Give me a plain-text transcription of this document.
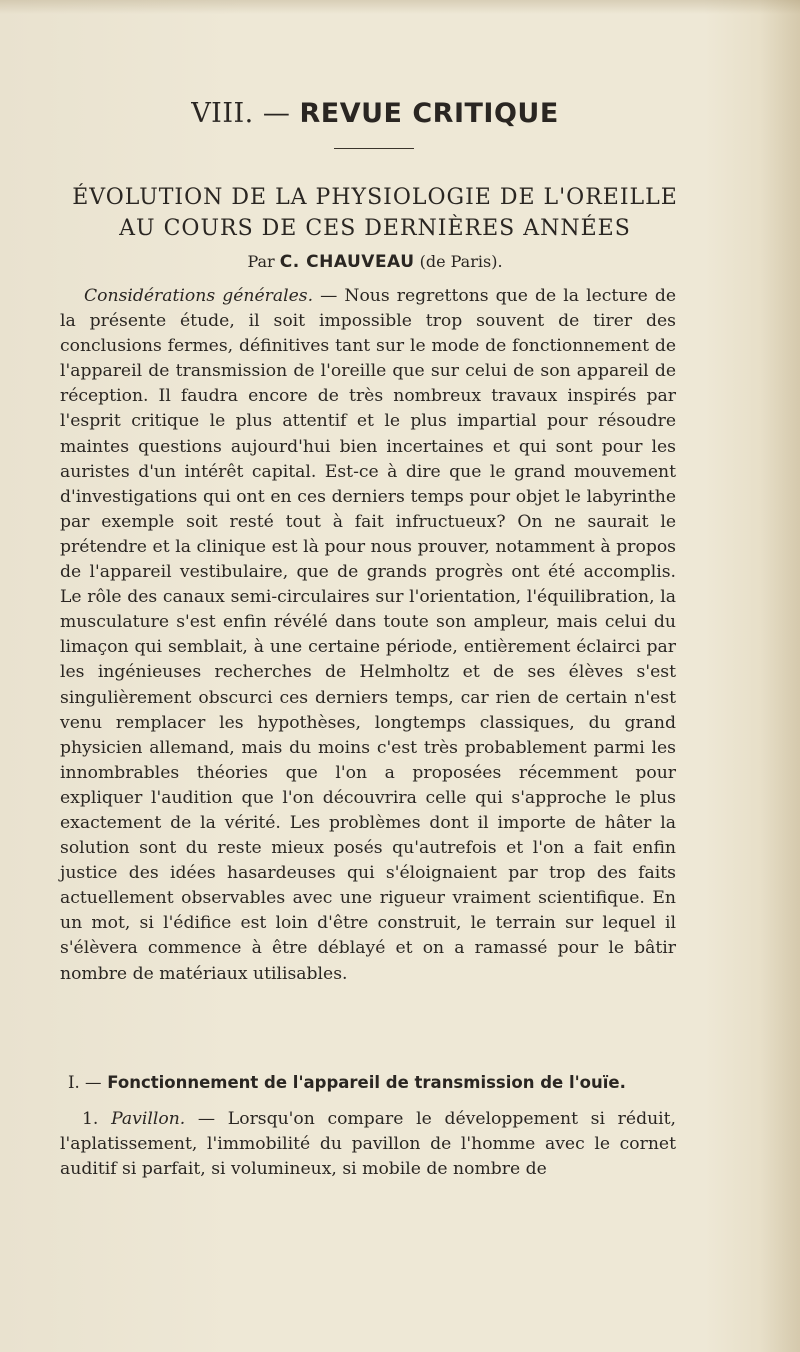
VIII. — REVUE CRITIQUE
ÉVOLUTION DE LA PHYSIOLOGIE DE L'OREILLE
AU COURS DE CES DERNIÈRES ANNÉES
Par C. CHAUVEAU (de Paris).

Considérations générales. — Nous regrettons que de la lecture de la présente étude, il soit impossible trop souvent de tirer des conclusions fermes, définitives tant sur le mode de fonctionnement de l'appareil de transmission de l'oreille que sur celui de son appareil de réception. Il faudra encore de très nombreux travaux inspirés par l'esprit critique le plus attentif et le plus impartial pour résoudre maintes questions aujourd'hui bien incertaines et qui sont pour les auristes d'un intérêt capital. Est-ce à dire que le grand mouvement d'investigations qui ont en ces derniers temps pour objet le labyrinthe par exemple soit resté tout à fait infructueux? On ne saurait le prétendre et la clinique est là pour nous prouver, notamment à propos de l'appareil vestibulaire, que de grands progrès ont été accomplis. Le rôle des canaux semi-circulaires sur l'orientation, l'équilibration, la musculature s'est enfin révélé dans toute son ampleur, mais celui du limaçon qui semblait, à une certaine période, entièrement éclairci par les ingénieuses recherches de Helmholtz et de ses élèves s'est singulièrement obscurci ces derniers temps, car rien de certain n'est venu remplacer les hypothèses, longtemps classiques, du grand physicien allemand, mais du moins c'est très probablement parmi les innombrables théories que l'on a proposées récemment pour expliquer l'audition que l'on découvrira celle qui s'approche le plus exactement de la vérité. Les problèmes dont il importe de hâter la solution sont du reste mieux posés qu'autrefois et l'on a fait enfin justice des idées hasardeuses qui s'éloignaient par trop des faits actuellement observables avec une rigueur vraiment scientifique. En un mot, si l'édifice est loin d'être construit, le terrain sur lequel il s'élèvera commence à être déblayé et on a ramassé pour le bâtir nombre de matériaux utilisables.

I. — Fonctionnement de l'appareil de transmission de l'ouïe.

1. Pavillon. — Lorsqu'on compare le développement si réduit, l'aplatissement, l'immobilité du pavillon de l'homme avec le cornet auditif si parfait, si volumineux, si mobile de nombre de
